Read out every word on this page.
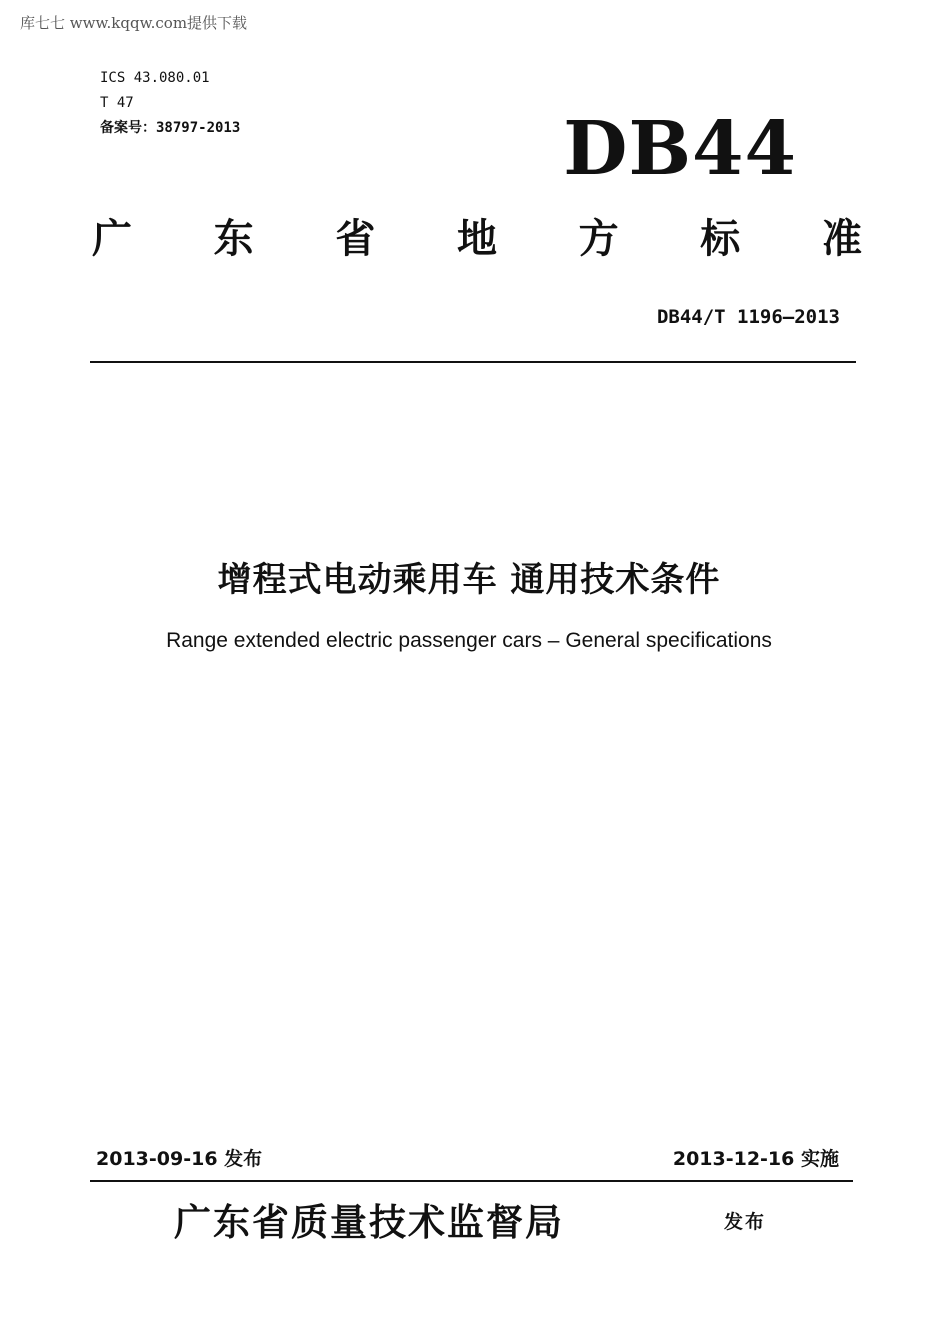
库七七 www.kqqw.com提供下载
ICS 43.080.01
T 47
备案号：38797-2013	DB44
广 东 省 地 方 标 准
DB44/T 1196—2013
增程式电动乘用车 通用技术条件
Range extended electric passenger cars – General specifications
2013-09-16 发布	2013-12-16 实施
广东省质量技术监督局	发布
